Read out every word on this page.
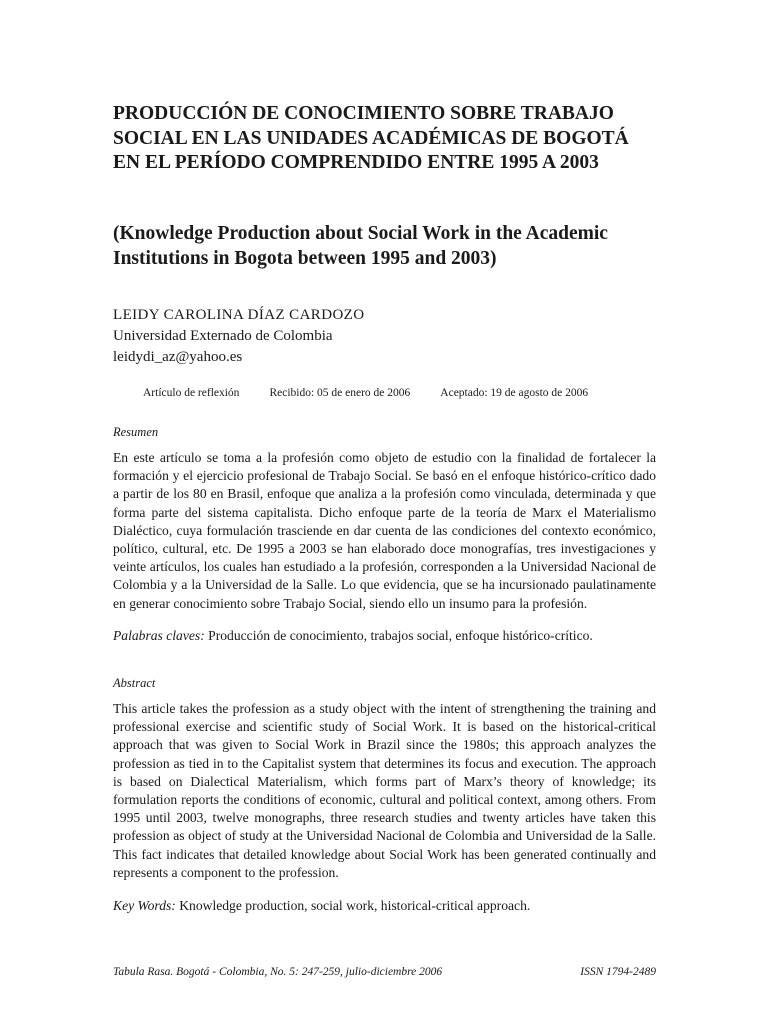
PRODUCCIÓN DE CONOCIMIENTO SOBRE TRABAJO SOCIAL EN LAS UNIDADES ACADÉMICAS DE BOGOTÁ EN EL PERÍODO COMPRENDIDO ENTRE 1995 A 2003
(Knowledge Production about Social Work in the Academic Institutions in Bogota between 1995 and 2003)
LEIDY CAROLINA DÍAZ CARDOZO
Universidad Externado de Colombia
leidydi_az@yahoo.es
Artículo de reflexión	Recibido: 05 de enero de 2006	Aceptado: 19 de agosto de 2006
Resumen

En este artículo se toma a la profesión como objeto de estudio con la finalidad de fortalecer la formación y el ejercicio profesional de Trabajo Social. Se basó en el enfoque histórico-crítico dado a partir de los 80 en Brasil, enfoque que analiza a la profesión como vinculada, determinada y que forma parte del sistema capitalista. Dicho enfoque parte de la teoría de Marx el Materialismo Dialéctico, cuya formulación trasciende en dar cuenta de las condiciones del contexto económico, político, cultural, etc. De 1995 a 2003 se han elaborado doce monografías, tres investigaciones y veinte artículos, los cuales han estudiado a la profesión, corresponden a la Universidad Nacional de Colombia y a la Universidad de la Salle. Lo que evidencia, que se ha incursionado paulatinamente en generar conocimiento sobre Trabajo Social, siendo ello un insumo para la profesión.

Palabras claves: Producción de conocimiento, trabajos social, enfoque histórico-crítico.
Abstract

This article takes the profession as a study object with the intent of strengthening the training and professional exercise and scientific study of Social Work. It is based on the historical-critical approach that was given to Social Work in Brazil since the 1980s; this approach analyzes the profession as tied in to the Capitalist system that determines its focus and execution. The approach is based on Dialectical Materialism, which forms part of Marx’s theory of knowledge; its formulation reports the conditions of economic, cultural and political context, among others. From 1995 until 2003, twelve monographs, three research studies and twenty articles have taken this profession as object of study at the Universidad Nacional de Colombia and Universidad de la Salle. This fact indicates that detailed knowledge about Social Work has been generated continually and represents a component to the profession.

Key Words: Knowledge production, social work, historical-critical approach.
Tabula Rasa. Bogotá - Colombia, No. 5: 247-259, julio-diciembre 2006	ISSN 1794-2489
